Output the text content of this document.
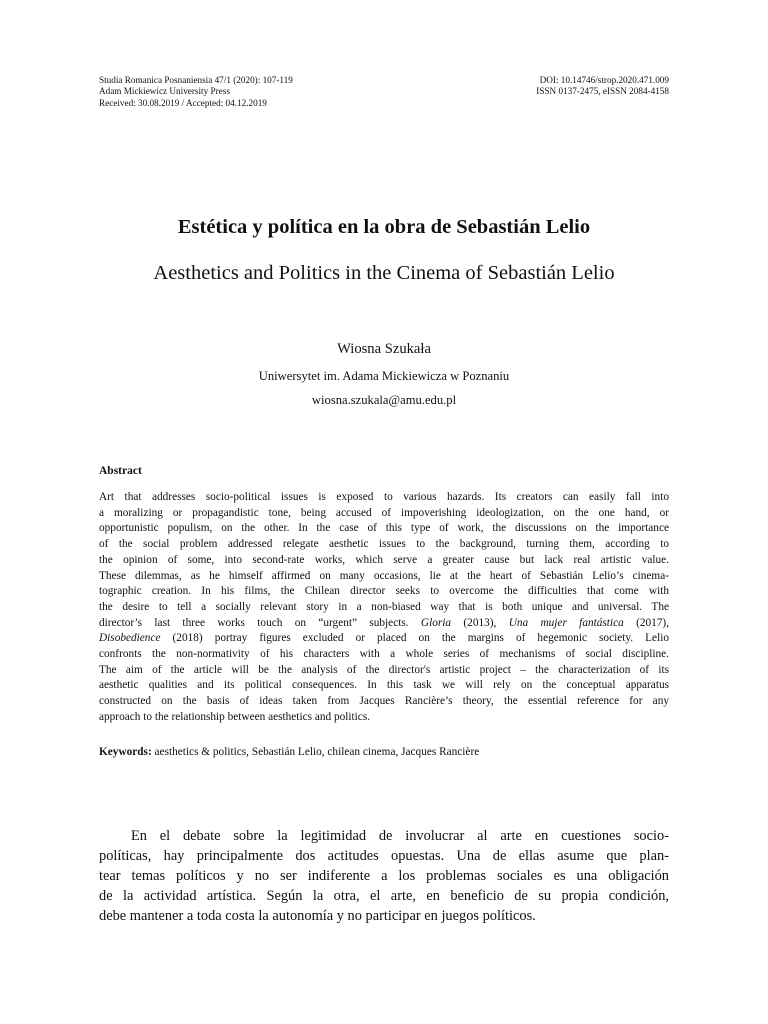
Studia Romanica Posnaniensia 47/1 (2020): 107-119
Adam Mickiewicz University Press
Received: 30.08.2019 / Accepted: 04.12.2019
DOI: 10.14746/strop.2020.471.009
ISSN 0137-2475, eISSN 2084-4158
Estética y política en la obra de Sebastián Lelio
Aesthetics and Politics in the Cinema of Sebastián Lelio
Wiosna Szukała
Uniwersytet im. Adama Mickiewicza w Poznaniu
wiosna.szukala@amu.edu.pl
Abstract
Art that addresses socio-political issues is exposed to various hazards. Its creators can easily fall into
a moralizing or propagandistic tone, being accused of impoverishing ideologization, on the one hand, or
opportunistic populism, on the other. In the case of this type of work, the discussions on the importance
of the social problem addressed relegate aesthetic issues to the background, turning them, according to
the opinion of some, into second-rate works, which serve a greater cause but lack real artistic value.
These dilemmas, as he himself affirmed on many occasions, lie at the heart of Sebastián Lelio’s cinema-
tographic creation. In his films, the Chilean director seeks to overcome the difficulties that come with
the desire to tell a socially relevant story in a non-biased way that is both unique and universal. The
director’s last three works touch on “urgent” subjects. Gloria (2013), Una mujer fantástica (2017),
Disobedience (2018) portray figures excluded or placed on the margins of hegemonic society. Lelio
confronts the non-normativity of his characters with a whole series of mechanisms of social discipline.
The aim of the article will be the analysis of the director's artistic project – the characterization of its
aesthetic qualities and its political consequences. In this task we will rely on the conceptual apparatus
constructed on the basis of ideas taken from Jacques Rancière’s theory, the essential reference for any
approach to the relationship between aesthetics and politics.
Keywords: aesthetics & politics, Sebastián Lelio, chilean cinema, Jacques Rancière
En el debate sobre la legitimidad de involucrar al arte en cuestiones socio-
políticas, hay principalmente dos actitudes opuestas. Una de ellas asume que plan-
tear temas políticos y no ser indiferente a los problemas sociales es una obligación
de la actividad artística. Según la otra, el arte, en beneficio de su propia condición,
debe mantener a toda costa la autonomía y no participar en juegos políticos.
